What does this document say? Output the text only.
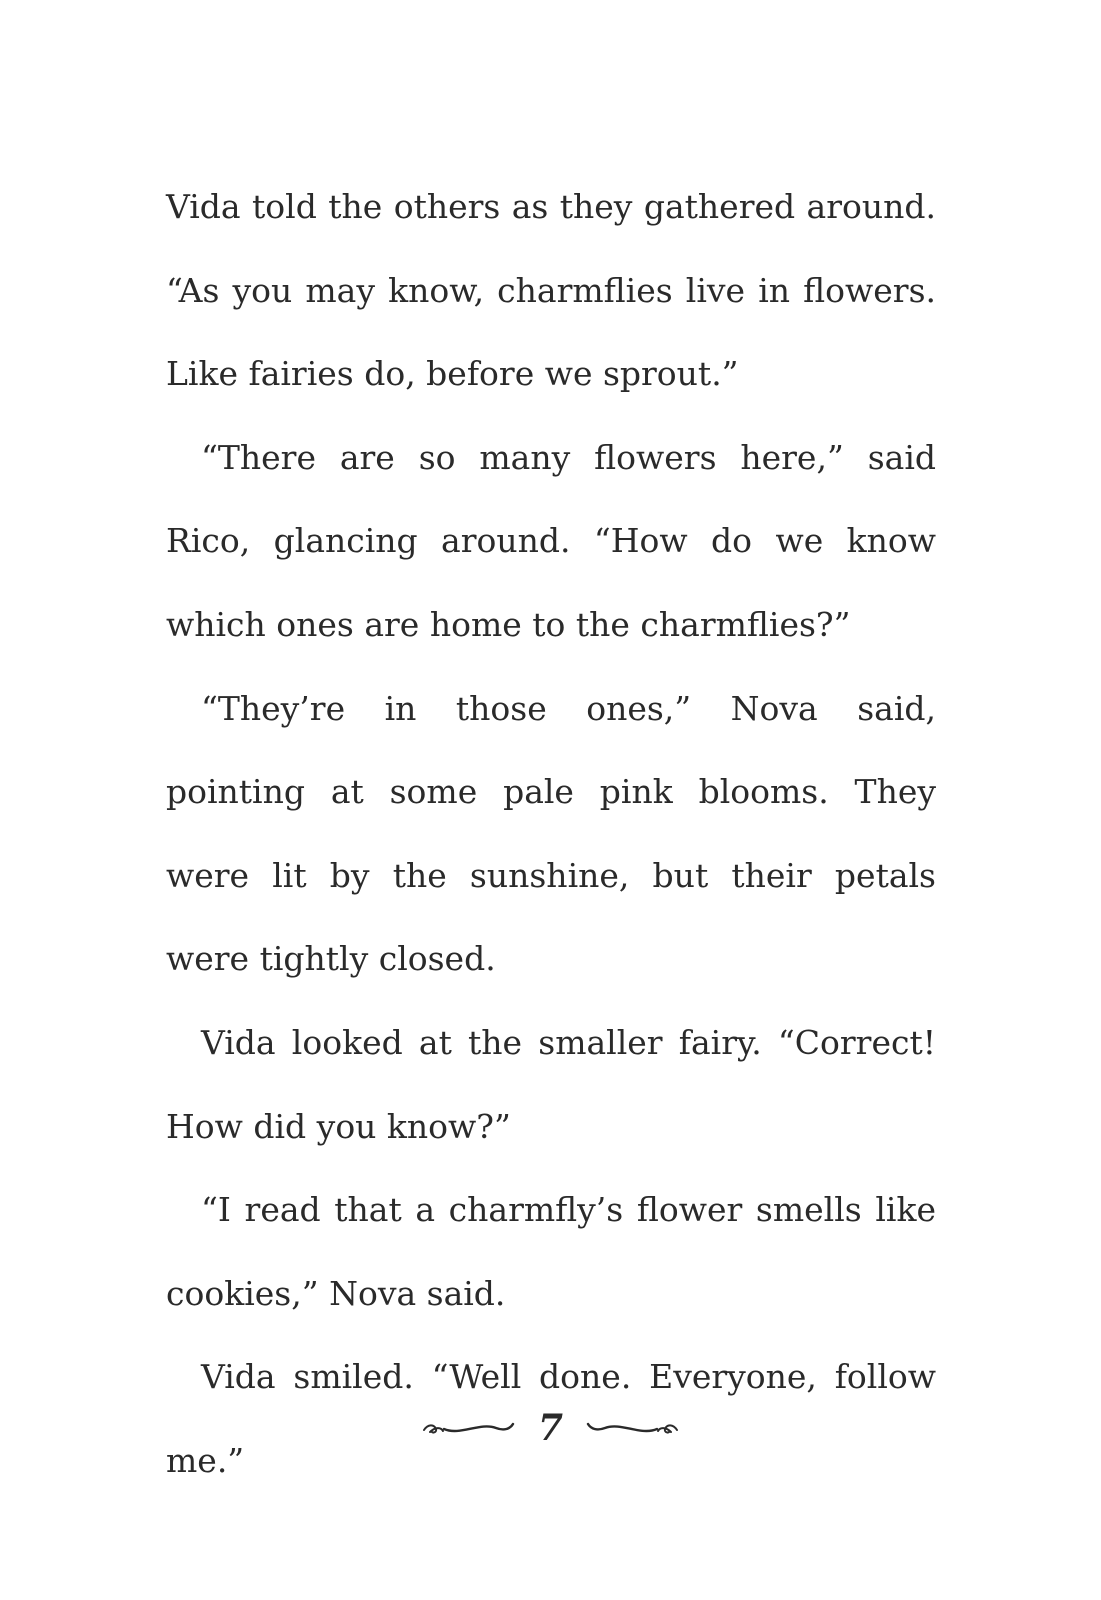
Vida told the others as they gathered around. “As you may know, charmflies live in flowers. Like fairies do, before we sprout.”

“There are so many flowers here,” said Rico, glancing around. “How do we know which ones are home to the charmflies?”

“They’re in those ones,” Nova said, pointing at some pale pink blooms. They were lit by the sunshine, but their petals were tightly closed.

Vida looked at the smaller fairy. “Correct! How did you know?”

“I read that a charmfly’s flower smells like cookies,” Nova said.

Vida smiled. “Well done. Everyone, follow me.”

7
